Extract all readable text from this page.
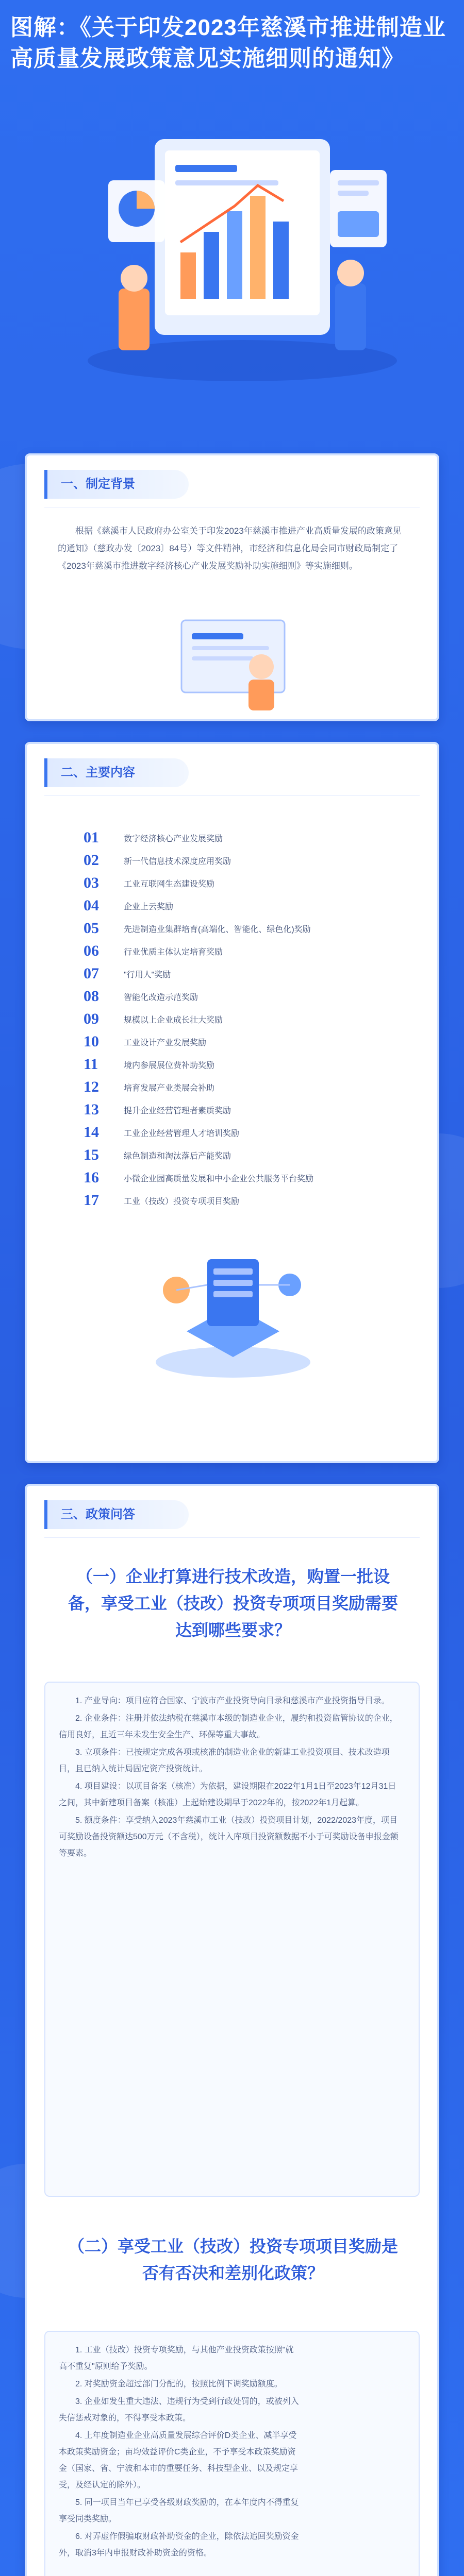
图解：《关于印发2023年慈溪市推进制造业高质量发展政策意见实施细则的通知》
一、制定背景
根据《慈溪市人民政府办公室关于印发2023年慈溪市推进产业高质量发展的政策意见的通知》（慈政办发〔2023〕84号）等文件精神，市经济和信息化局会同市财政局制定了《2023年慈溪市推进数字经济核心产业发展奖励补助实施细则》等实施细则。
二、主要内容
01	数字经济核心产业发展奖励
02	新一代信息技术深度应用奖励
03	工业互联网生态建设奖励
04	企业上云奖励
05	先进制造业集群培育(高端化、智能化、绿色化)奖励
06	行业优质主体认定培育奖励
07	"行用人"奖励
08	智能化改造示范奖励
09	规模以上企业成长壮大奖励
10	工业设计产业发展奖励
11	境内参展展位费补助奖励
12	培育发展产业类展会补助
13	提升企业经营管理者素质奖励
14	工业企业经营管理人才培训奖励
15	绿色制造和淘汰落后产能奖励
16	小微企业园高质量发展和中小企业公共服务平台奖励
17	工业（技改）投资专项项目奖励
三、政策问答
（一）企业打算进行技术改造，购置一批设备，享受工业（技改）投资专项项目奖励需要达到哪些要求？

1. 产业导向：项目应符合国家、宁波市产业投资导向目录和慈溪市产业投资指导目录。

2. 企业条件：注册并依法纳税在慈溪市本级的制造业企业，履约和投资监管协议的企业，信用良好，且近三年未发生安全生产、环保等重大事故。

3. 立项条件：已按规定完成各项或核准的制造业企业的新建工业投资项目、技术改造项目，且已纳入统计局固定资产投资统计。

4. 项目建设：以项目备案（核准）为依据，建设期限在2022年1月1日至2023年12月31日之间，其中新建项目备案（核准）上起始建设期早于2022年的，按2022年1月起算。

5. 额度条件：享受纳入2023年慈溪市工业（技改）投资项目计划，2022/2023年度，项目可奖励设备投资额达500万元（不含税），统计入库项目投资额数据不小于可奖励设备申报金额等要素。

（二）享受工业（技改）投资专项项目奖励是否有否决和差别化政策？

1. 工业（技改）投资专项奖励，与其他产业投资政策按照"就高不重复"原则给予奖励。

2. 对奖励资金超过部门分配的，按照比例下调奖励额度。

3. 企业如发生重大违法、违规行为受到行政处罚的，或被列入失信惩戒对象的，不得享受本政策。

4. 上年度制造业企业高质量发展综合评价D类企业、减半享受本政策奖励资金；亩均效益评价C类企业，不予享受本政策奖励资金（国家、省、宁波和本市的重要任务、科技型企业、以及规定享受，及经认定的除外）。

5. 同一项目当年已享受各级财政奖励的，在本年度内不得重复享受同类奖励。

6. 对弄虚作假骗取财政补助资金的企业，除依法追回奖励资金外，取消3年内申报财政补助资金的资格。
